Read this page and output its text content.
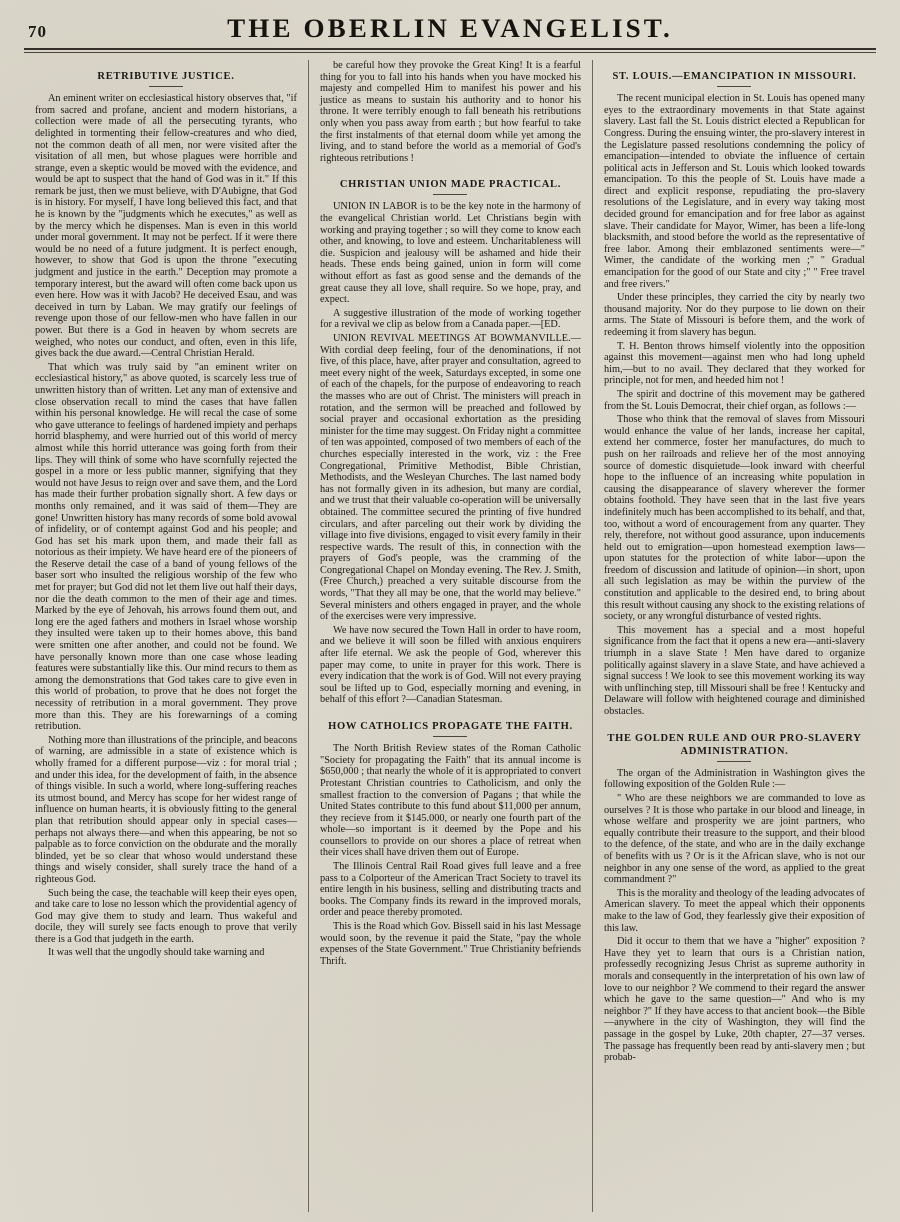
70	THE OBERLIN EVANGELIST.
RETRIBUTIVE JUSTICE.

An eminent writer on ecclesiastical history observes that, "if from sacred and profane, ancient and modern historians, a collection were made of all the persecuting tyrants, who delighted in tormenting their fellow-creatures and who died, not the common death of all men, nor were visited after the visitation of all men, but whose plagues were horrible and strange, even a skeptic would be moved with the evidence, and would be apt to suspect that the hand of God was in it." If this remark be just, then we must believe, with D'Aubigne, that God is in history. For myself, I have long believed this fact, and that he is known by the "judgments which he executes," as well as by the mercy which he dispenses. Man is even in this world under moral government. It may not be perfect. If it were there would be no need of a future judgment. It is perfect enough, however, to show that God is upon the throne "executing judgment and justice in the earth." Deception may promote a temporary interest, but the award will often come back upon us even here. How was it with Jacob? He deceived Esau, and was deceived in turn by Laban. We may gratify our feelings of revenge upon those of our fellow-men who have fallen in our power. But there is a God in heaven by whom secrets are weighed, who notes our conduct, and often, even in this life, gives back the due award.—Central Christian Herald.

That which was truly said by "an eminent writer on ecclesiastical history," as above quoted, is scarcely less true of unwritten history than of written. Let any man of extensive and close observation recall to mind the cases that have fallen within his personal knowledge. He will recal the case of some who gave utterance to feelings of hardened impiety and perhaps horrid blasphemy, and were hurried out of this world of mercy almost while this horrid utterance was going forth from their lips. They will think of some who have scornfully rejected the gospel in a more or less public manner, signifying that they would not have Jesus to reign over and save them, and the Lord has made their further probation signally short. A few days or months only remained, and it was said of them—They are gone! Unwritten history has many records of some bold avowal of infidelity, or of contempt against God and his people; and God has set his mark upon them, and made their fall as notorious as their impiety. We have heard ere of the pioneers of the Reserve detail the case of a band of young fellows of the baser sort who insulted the religious worship of the few who met for prayer; but God did not let them live out half their days, nor die the death common to the men of their age and times. Marked by the eye of Jehovah, his arrows found them out, and long ere the aged fathers and mothers in Israel whose worship they insulted were taken up to their homes above, this band were smitten one after another, and could not be found. We have personally known more than one case whose leading features were substantially like this. Our mind recurs to them as among the demonstrations that God takes care to give even in this world of probation, to prove that he does not forget the necessity of retribution in a moral government. They prove more than this. They are his forewarnings of a coming retribution.

Nothing more than illustrations of the principle, and beacons of warning, are admissible in a state of existence which is wholly framed for a different purpose—viz : for moral trial ; and under this idea, for the development of faith, in the absence of things visible. In such a world, where long-suffering reaches its utmost bound, and Mercy has scope for her widest range of influence on human hearts, it is obviously fitting to the general plan that retribution should appear only in special cases—perhaps not always there—and when this appearing, be not so palpable as to force conviction on the obdurate and the morally blinded, yet be so clear that whoso would understand these things and wisely consider, shall surely trace the hand of a righteous God.

Such being the case, the teachable will keep their eyes open, and take care to lose no lesson which the providential agency of God may give them to study and learn. Thus wakeful and docile, they will surely see facts enough to prove that verily there is a God that judgeth in the earth.

It was well that the ungodly should take warning and

be careful how they provoke the Great King! It is a fearful thing for you to fall into his hands when you have mocked his majesty and compelled Him to manifest his power and his justice as means to sustain his authority and to honor his throne. It were terribly enough to fall beneath his retributions only when you pass away from earth ; but how fearful to take the first instalments of that eternal doom while yet among the living, and to stand before the world as a memorial of God's righteous retributions !

CHRISTIAN UNION MADE PRACTICAL.

UNION IN LABOR is to be the key note in the harmony of the evangelical Christian world. Let Christians begin with working and praying together ; so will they come to know each other, and knowing, to love and esteem. Uncharitableness will die. Suspicion and jealousy will be ashamed and hide their heads. These ends being gained, union in form will come without effort as fast as good sense and the demands of the great cause they all love, shall require. So we hope, pray, and expect.

A suggestive illustration of the mode of working together for a revival we clip as below from a Canada paper.—[ED.

UNION REVIVAL MEETINGS AT BOWMANVILLE.—With cordial deep feeling, four of the denominations, if not five, of this place, have, after prayer and consultation, agreed to meet every night of the week, Saturdays excepted, in some one of each of the chapels, for the purpose of endeavoring to reach the masses who are out of Christ. The ministers will preach in rotation, and the sermon will be preached and followed by social prayer and occasional exhortation as the presiding minister for the time may suggest. On Friday night a committee of ten was appointed, composed of two members of each of the churches especially interested in the work, viz : the Free Congregational, Primitive Methodist, Bible Christian, Methodists, and the Wesleyan Churches. The last named body has not formally given in its adhesion, but many are cordial, and we trust that their valuable co-operation will be universally obtained. The committee secured the printing of five hundred circulars, and after parceling out their work by dividing the village into five divisions, engaged to visit every family in their respective wards. The result of this, in connection with the prayers of God's people, was the cramming of the Congregational Chapel on Monday evening. The Rev. J. Smith, (Free Church,) preached a very suitable discourse from the words, "That they all may be one, that the world may believe." Several ministers and others engaged in prayer, and the whole of the exercises were very impressive.

We have now secured the Town Hall in order to have room, and we believe it will soon be filled with anxious enquirers after life eternal. We ask the people of God, wherever this paper may come, to unite in prayer for this work. There is every indication that the work is of God. Will not every praying soul be lifted up to God, especially morning and evening, in behalf of this effort ?—Canadian Statesman.

HOW CATHOLICS PROPAGATE THE FAITH.

The North British Review states of the Roman Catholic "Society for propagating the Faith" that its annual income is $650,000 ; that nearly the whole of it is appropriated to convert Protestant Christian countries to Catholicism, and only the smallest fraction to the conversion of Pagans ; that while the United States contribute to this fund about $11,000 per annum, they recieve from it $145.000, or nearly one fourth part of the whole—so important is it deemed by the Pope and his counsellors to provide on our shores a place of retreat when their vices shall have driven them out of Europe.

The Illinois Central Rail Road gives full leave and a free pass to a Colporteur of the American Tract Society to travel its entire length in his business, selling and distributing tracts and books. The Company finds its reward in the improved morals, order and peace thereby promoted.

This is the Road which Gov. Bissell said in his last Message would soon, by the revenue it paid the State, "pay the whole expenses of the State Government." True Christianity befriends Thrift.

ST. LOUIS.—EMANCIPATION IN MISSOURI.

The recent municipal election in St. Louis has opened many eyes to the extraordinary movements in that State against slavery. Last fall the St. Louis district elected a Republican for Congress. During the ensuing winter, the pro-slavery interest in the Legislature passed resolutions condemning the policy of emancipation—intended to obviate the influence of certain political acts in Jefferson and St. Louis which looked towards emancipation. To this the people of St. Louis have made a direct and explicit response, repudiating the pro-slavery resolutions of the Legislature, and in every way taking most decided ground for emancipation and for free labor as against slave. Their candidate for Mayor, Wimer, has been a life-long blacksmith, and stood before the world as the representative of free labor. Among their emblazoned sentiments were—" Wimer, the candidate of the working men ;" " Gradual emancipation for the good of our State and city ;" " Free travel and free rivers."

Under these principles, they carried the city by nearly two thousand majority. Nor do they purpose to lie down on their arms. The State of Missouri is before them, and the work of redeeming it from slavery has begun.

T. H. Benton throws himself violently into the opposition against this movement—against men who had long upheld him,—but to no avail. They declared that they worked for principle, not for men, and heeded him not !

The spirit and doctrine of this movement may be gathered from the St. Louis Democrat, their chief organ, as follows :—

Those who think that the removal of slaves from Missouri would enhance the value of her lands, increase her capital, extend her commerce, foster her manufactures, do much to push on her railroads and relieve her of the most annoying source of domestic disquietude—look inward with cheerful hope to the influence of an increasing white population in causing the disappearance of slavery wherever the former obtains foothold. They have seen that in the last five years indefinitely much has been accomplished to its behalf, and that, too, without a word of encouragement from any quarter. They rely, therefore, not without good assurance, upon inducements held out to emigration—upon homestead exemption laws—upon statutes for the protection of white labor—upon the freedom of discussion and latitude of opinion—in short, upon all such legislation as may be within the purview of the constitution and applicable to the desired end, to bring about this result without causing any shock to the existing relations of society, or any wrongful disturbance of vested rights.

This movement has a special and a most hopeful significance from the fact that it opens a new era—anti-slavery triumph in a slave State ! Men have dared to organize politically against slavery in a slave State, and have achieved a signal success ! We look to see this movement working its way with unflinching step, till Missouri shall be free ! Kentucky and Delaware will follow with heightened courage and diminished obstacles.

THE GOLDEN RULE AND OUR PRO-SLAVERY ADMINISTRATION.

The organ of the Administration in Washington gives the following exposition of the Golden Rule :—

" Who are these neighbors we are commanded to love as ourselves ? It is those who partake in our blood and lineage, in whose welfare and prosperity we are joint partners, who equally contribute their treasure to the support, and their blood to the defence, of the state, and who are in the daily exchange of benefits with us ? Or is it the African slave, who is not our neighbor in any one sense of the word, as applied to the great commandment ?"

This is the morality and theology of the leading advocates of American slavery. To meet the appeal which their opponents make to the law of God, they fearlessly give their exposition of this law.

Did it occur to them that we have a "higher" exposition ? Have they yet to learn that ours is a Christian nation, professedly recognizing Jesus Christ as supreme authority in morals and consequently in the interpretation of his own law of love to our neighbor ? We commend to their regard the answer which he gave to the same question—" And who is my neighbor ?" If they have access to that ancient book—the Bible—anywhere in the city of Washington, they will find the passage in the gospel by Luke, 20th chapter, 27—37 verses. The passage has frequently been read by anti-slavery men ; but probab-
